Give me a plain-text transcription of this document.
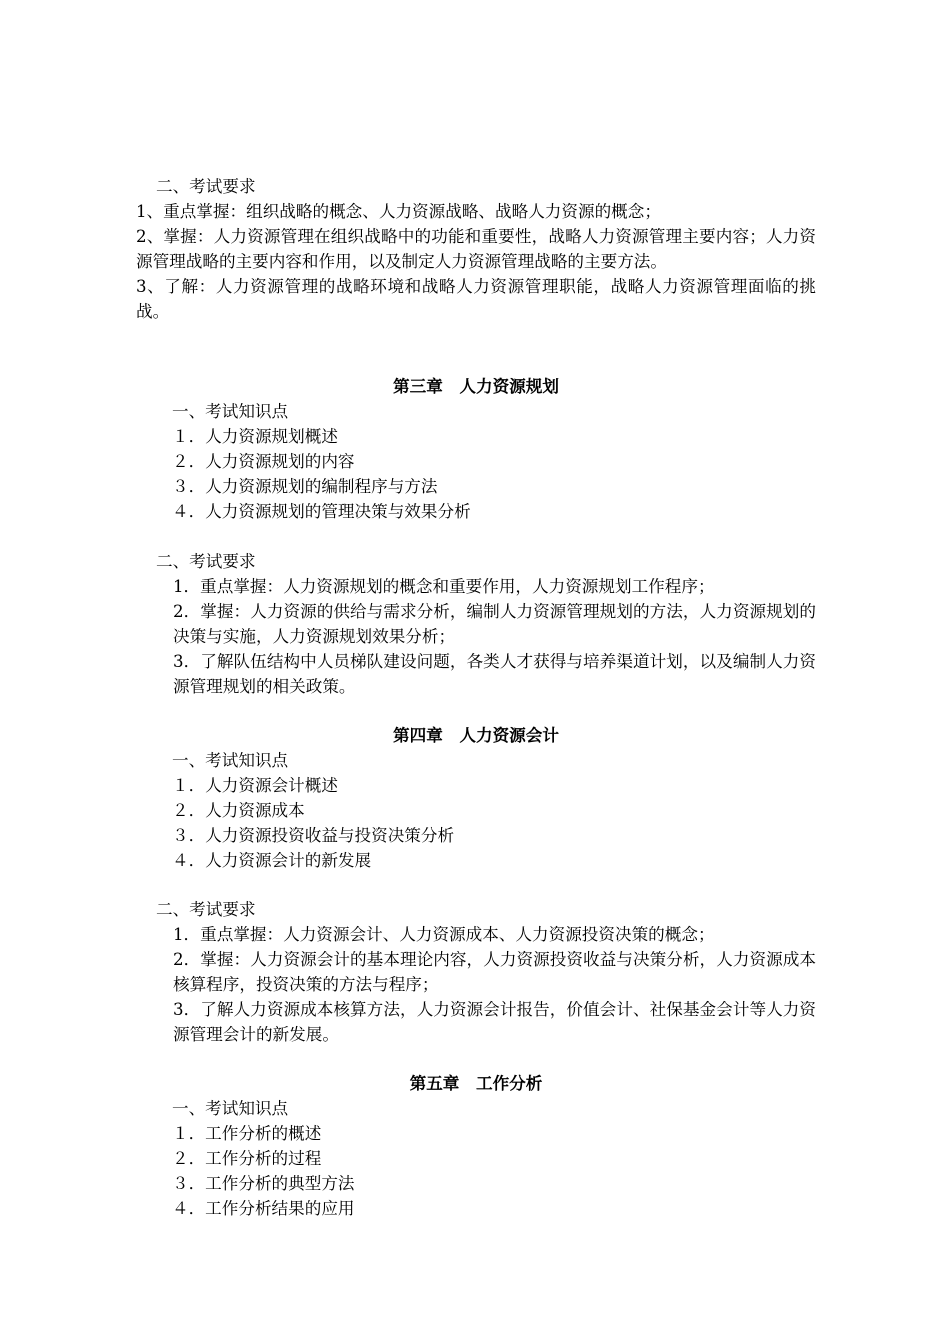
二、考试要求
1、重点掌握：组织战略的概念、人力资源战略、战略人力资源的概念；
2、掌握：人力资源管理在组织战略中的功能和重要性，战略人力资源管理主要内容；人力资源管理战略的主要内容和作用，以及制定人力资源管理战略的主要方法。
3、了解：人力资源管理的战略环境和战略人力资源管理职能，战略人力资源管理面临的挑战。
第三章　人力资源规划
一、考试知识点
１．人力资源规划概述
２．人力资源规划的内容
３．人力资源规划的编制程序与方法
４．人力资源规划的管理决策与效果分析
二、考试要求
1．重点掌握：人力资源规划的概念和重要作用，人力资源规划工作程序；
2．掌握：人力资源的供给与需求分析，编制人力资源管理规划的方法，人力资源规划的决策与实施，人力资源规划效果分析；
3．了解队伍结构中人员梯队建设问题，各类人才获得与培养渠道计划，以及编制人力资源管理规划的相关政策。
第四章　人力资源会计
一、考试知识点
１．人力资源会计概述
２．人力资源成本
３．人力资源投资收益与投资决策分析
４．人力资源会计的新发展
二、考试要求
1．重点掌握：人力资源会计、人力资源成本、人力资源投资决策的概念；
2．掌握：人力资源会计的基本理论内容，人力资源投资收益与决策分析，人力资源成本核算程序，投资决策的方法与程序；
3．了解人力资源成本核算方法，人力资源会计报告，价值会计、社保基金会计等人力资源管理会计的新发展。
第五章　工作分析
一、考试知识点
１．工作分析的概述
２．工作分析的过程
３．工作分析的典型方法
４．工作分析结果的应用
